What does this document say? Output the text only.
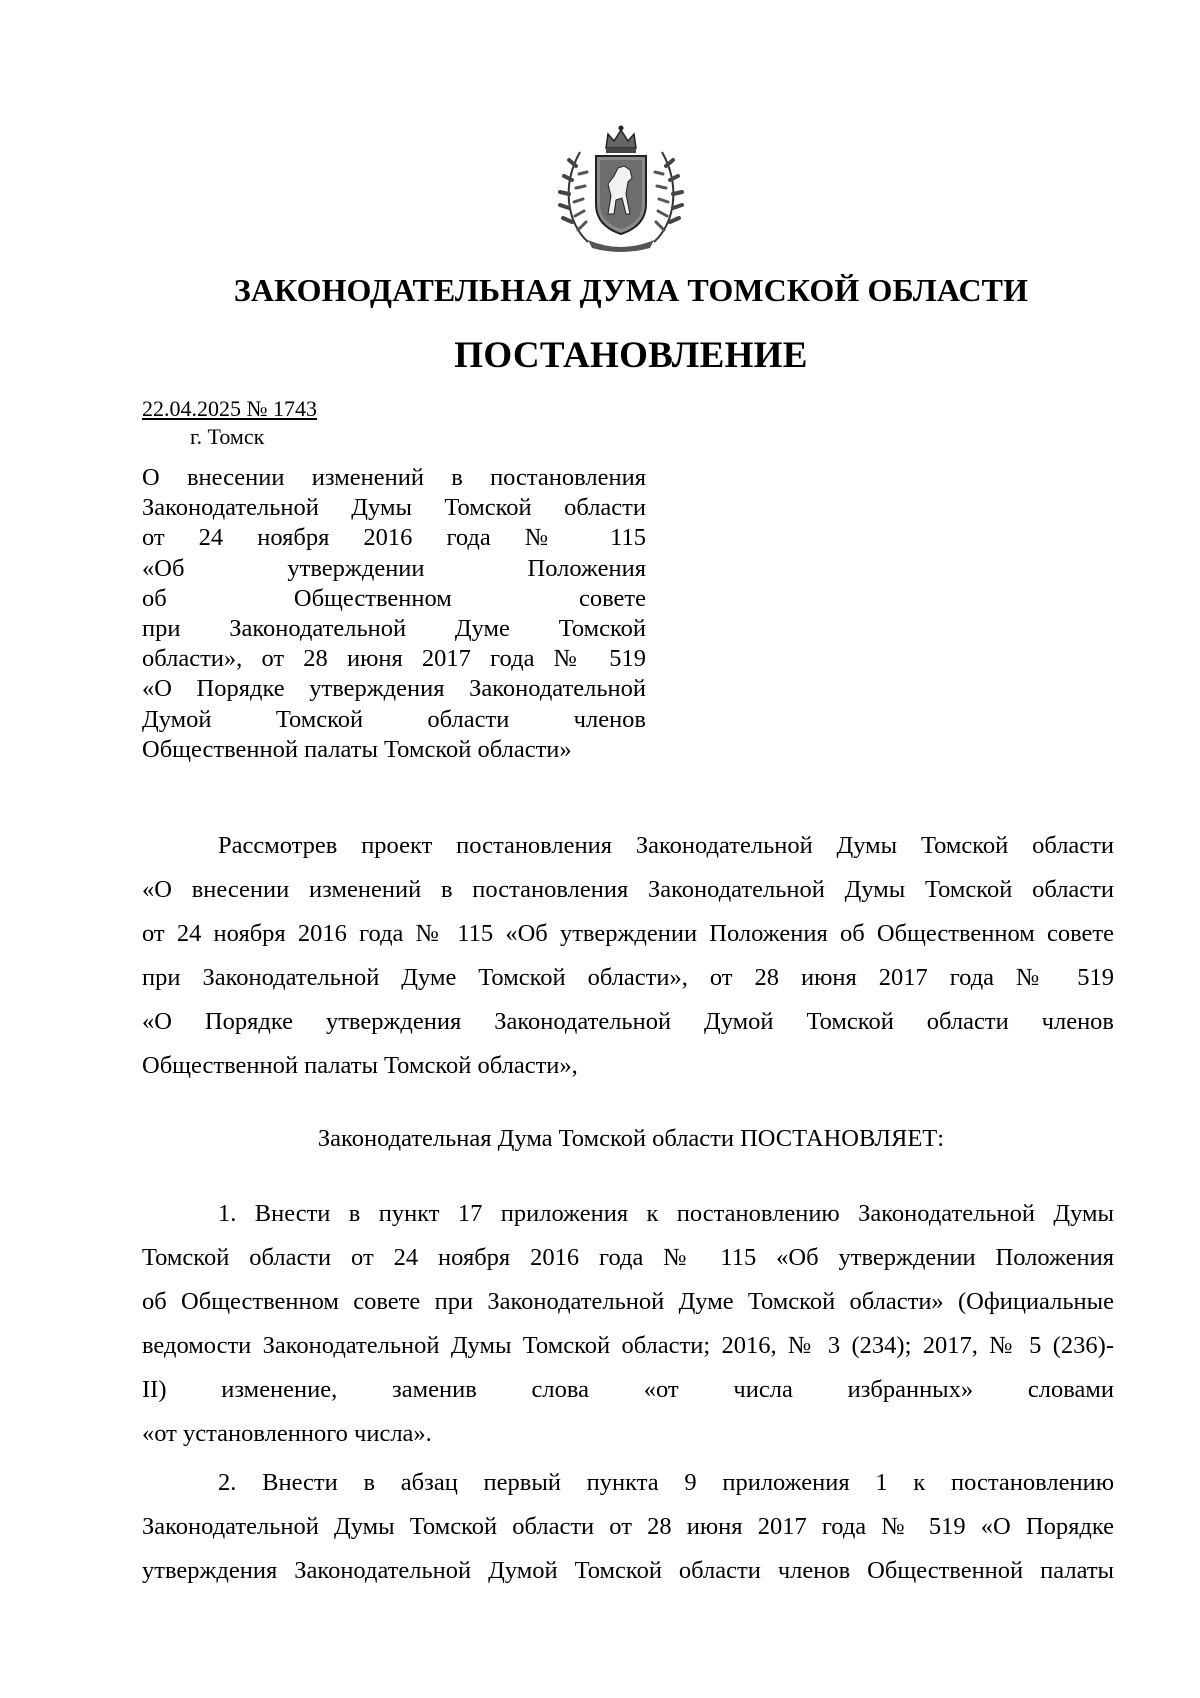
ЗАКОНОДАТЕЛЬНАЯ ДУМА ТОМСКОЙ ОБЛАСТИ
ПОСТАНОВЛЕНИЕ
22.04.2025 № 1743
г. Томск
О внесении изменений в постановления
Законодательной Думы Томской области
от 24 ноября 2016 года № 115
«Об утверждении Положения
об Общественном совете
при Законодательной Думе Томской
области», от 28 июня 2017 года № 519
«О Порядке утверждения Законодательной
Думой Томской области членов
Общественной палаты Томской области»
Рассмотрев проект постановления Законодательной Думы Томской области
«О внесении изменений в постановления Законодательной Думы Томской области
от 24 ноября 2016 года № 115 «Об утверждении Положения об Общественном совете
при Законодательной Думе Томской области», от 28 июня 2017 года № 519
«О Порядке утверждения Законодательной Думой Томской области членов
Общественной палаты Томской области»,
Законодательная Дума Томской области ПОСТАНОВЛЯЕТ:
1. Внести в пункт 17 приложения к постановлению Законодательной Думы
Томской области от 24 ноября 2016 года № 115 «Об утверждении Положения
об Общественном совете при Законодательной Думе Томской области» (Официальные
ведомости Законодательной Думы Томской области; 2016, № 3 (234); 2017, № 5 (236)-
II) изменение, заменив слова «от числа избранных» словами
«от установленного числа».
2. Внести в абзац первый пункта 9 приложения 1 к постановлению
Законодательной Думы Томской области от 28 июня 2017 года № 519 «О Порядке
утверждения Законодательной Думой Томской области членов Общественной палаты
